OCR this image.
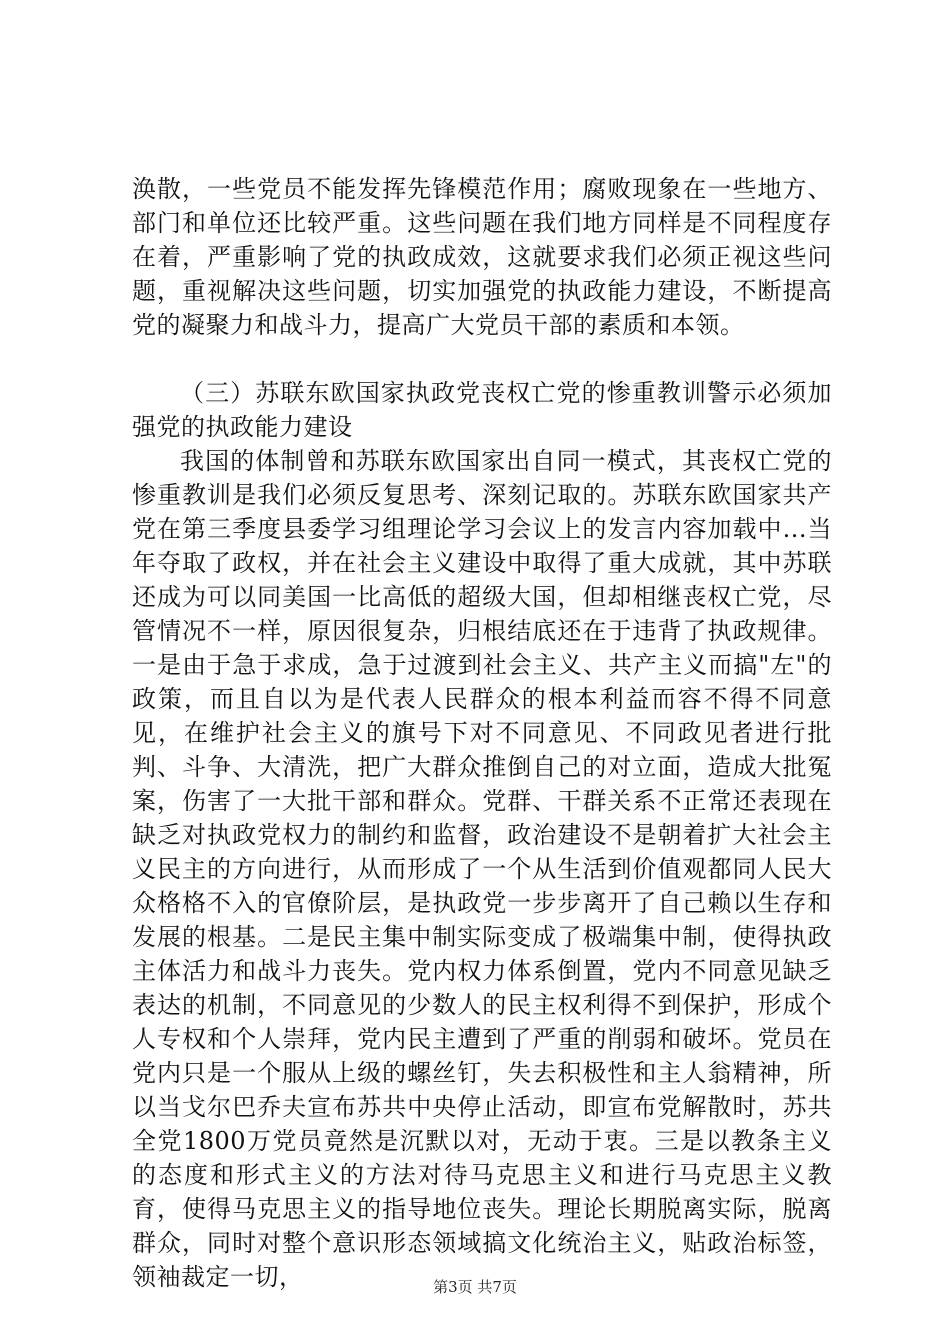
涣散，一些党员不能发挥先锋模范作用；腐败现象在一些地方、部门和单位还比较严重。这些问题在我们地方同样是不同程度存在着，严重影响了党的执政成效，这就要求我们必须正视这些问题，重视解决这些问题，切实加强党的执政能力建设，不断提高党的凝聚力和战斗力，提高广大党员干部的素质和本领。

（三）苏联东欧国家执政党丧权亡党的惨重教训警示必须加强党的执政能力建设

我国的体制曾和苏联东欧国家出自同一模式，其丧权亡党的惨重教训是我们必须反复思考、深刻记取的。苏联东欧国家共产党在第三季度县委学习组理论学习会议上的发言内容加载中...当年夺取了政权，并在社会主义建设中取得了重大成就，其中苏联还成为可以同美国一比高低的超级大国，但却相继丧权亡党，尽管情况不一样，原因很复杂，归根结底还在于违背了执政规律。一是由于急于求成，急于过渡到社会主义、共产主义而搞"左"的政策，而且自以为是代表人民群众的根本利益而容不得不同意见，在维护社会主义的旗号下对不同意见、不同政见者进行批判、斗争、大清洗，把广大群众推倒自己的对立面，造成大批冤案，伤害了一大批干部和群众。党群、干群关系不正常还表现在缺乏对执政党权力的制约和监督，政治建设不是朝着扩大社会主义民主的方向进行，从而形成了一个从生活到价值观都同人民大众格格不入的官僚阶层，是执政党一步步离开了自己赖以生存和发展的根基。二是民主集中制实际变成了极端集中制，使得执政主体活力和战斗力丧失。党内权力体系倒置，党内不同意见缺乏表达的机制，不同意见的少数人的民主权利得不到保护，形成个人专权和个人崇拜，党内民主遭到了严重的削弱和破坏。党员在党内只是一个服从上级的螺丝钉，失去积极性和主人翁精神，所以当戈尔巴乔夫宣布苏共中央停止活动，即宣布党解散时，苏共全党1800万党员竟然是沉默以对，无动于衷。三是以教条主义的态度和形式主义的方法对待马克思主义和进行马克思主义教育，使得马克思主义的指导地位丧失。理论长期脱离实际，脱离群众，同时对整个意识形态领域搞文化统治主义，贴政治标签，领袖裁定一切，	第3页 共7页
